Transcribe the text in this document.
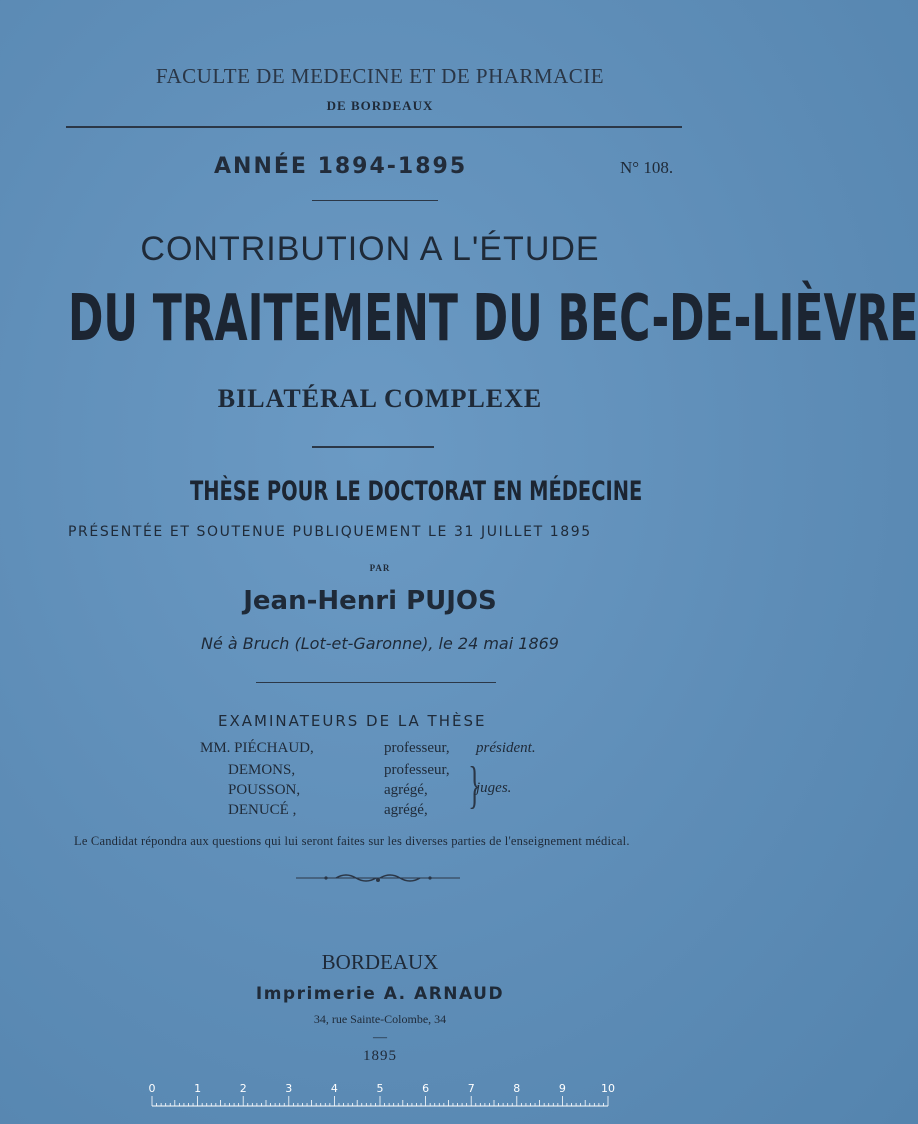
FACULTE DE MEDECINE ET DE PHARMACIE
DE BORDEAUX
ANNÉE 1894-1895	N° 108.
CONTRIBUTION A L'ÉTUDE
DU TRAITEMENT DU BEC-DE-LIÈVRE
BILATÉRAL COMPLEXE
THÈSE POUR LE DOCTORAT EN MÉDECINE
PRÉSENTÉE ET SOUTENUE PUBLIQUEMENT LE 31 JUILLET 1895
PAR
Jean-Henri PUJOS
Né à Bruch (Lot-et-Garonne), le 24 mai 1869
EXAMINATEURS DE LA THÈSE
MM. PIÉCHAUD,	professeur,
DEMONS,	professeur,
POUSSON,	agrégé,
DENUCÉ ,	agrégé,
président.
}
juges.
Le Candidat répondra aux questions qui lui seront faites sur les diverses parties de l'enseignement médical.
BORDEAUX
Imprimerie A. ARNAUD
34, rue Sainte-Colombe, 34
—
1895
0	1	2	3	4	5	6	7	8	9	10
